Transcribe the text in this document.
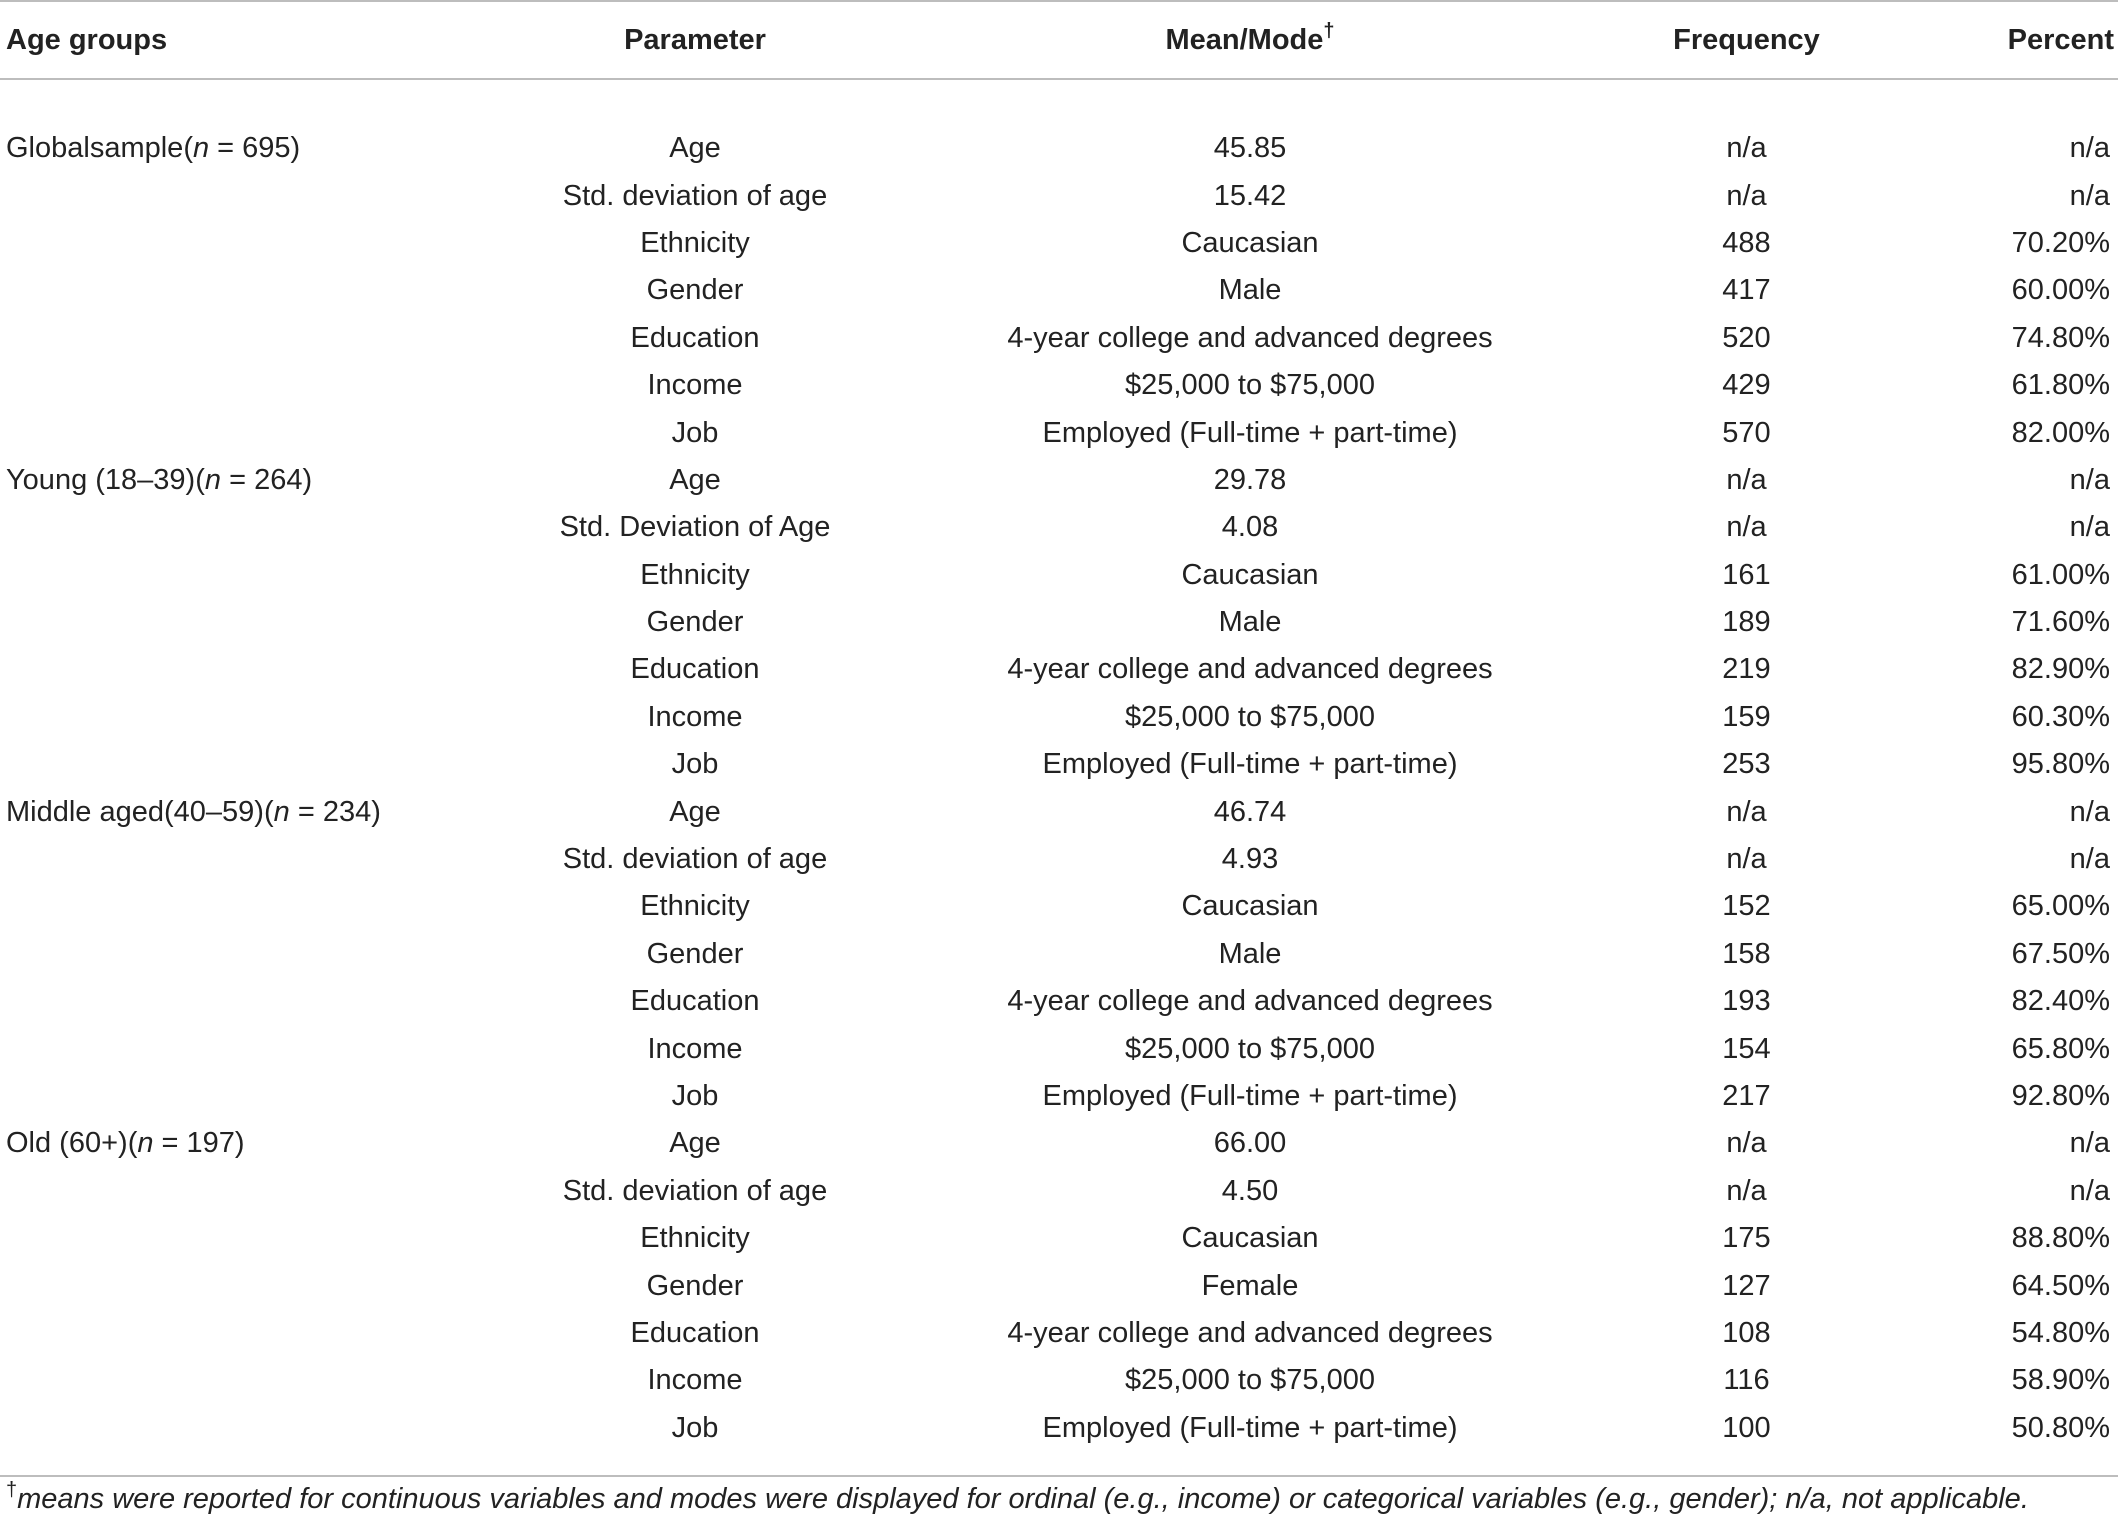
Age groups	Parameter	Mean/Mode†	Frequency	Percent

Globalsample(n = 695)	Age	45.85	n/a	n/a
	Std. deviation of age	15.42	n/a	n/a
	Ethnicity	Caucasian	488	70.20%
	Gender	Male	417	60.00%
	Education	4-year college and advanced degrees	520	74.80%
	Income	$25,000 to $75,000	429	61.80%
	Job	Employed (Full-time + part-time)	570	82.00%
Young (18–39)(n = 264)	Age	29.78	n/a	n/a
	Std. Deviation of Age	4.08	n/a	n/a
	Ethnicity	Caucasian	161	61.00%
	Gender	Male	189	71.60%
	Education	4-year college and advanced degrees	219	82.90%
	Income	$25,000 to $75,000	159	60.30%
	Job	Employed (Full-time + part-time)	253	95.80%
Middle aged(40–59)(n = 234)	Age	46.74	n/a	n/a
	Std. deviation of age	4.93	n/a	n/a
	Ethnicity	Caucasian	152	65.00%
	Gender	Male	158	67.50%
	Education	4-year college and advanced degrees	193	82.40%
	Income	$25,000 to $75,000	154	65.80%
	Job	Employed (Full-time + part-time)	217	92.80%
Old (60+)(n = 197)	Age	66.00	n/a	n/a
	Std. deviation of age	4.50	n/a	n/a
	Ethnicity	Caucasian	175	88.80%
	Gender	Female	127	64.50%
	Education	4-year college and advanced degrees	108	54.80%
	Income	$25,000 to $75,000	116	58.90%
	Job	Employed (Full-time + part-time)	100	50.80%
†means were reported for continuous variables and modes were displayed for ordinal (e.g., income) or categorical variables (e.g., gender); n/a, not applicable.
